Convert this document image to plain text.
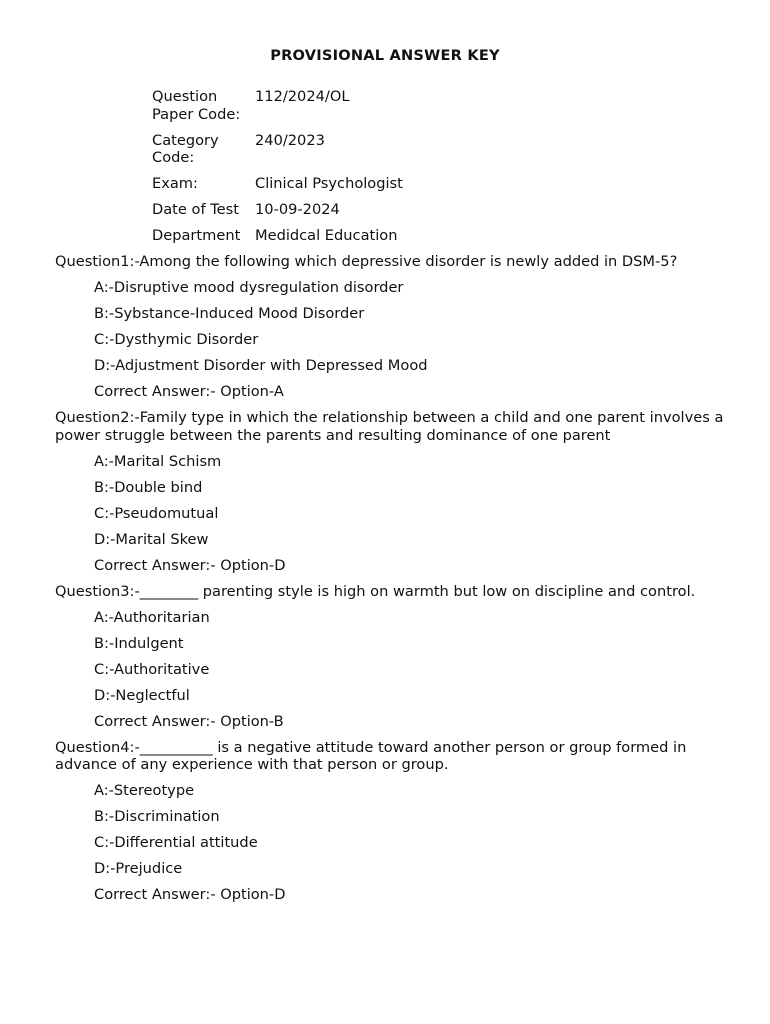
PROVISIONAL ANSWER KEY
Question Paper Code:
112/2024/OL
Category Code:
240/2023
Exam:	Clinical Psychologist
Date of Test	10-09-2024
Department	Medidcal Education
Question1:-Among the following which depressive disorder is newly added in DSM-5?
A:-Disruptive mood dysregulation disorder
B:-Sybstance-Induced Mood Disorder
C:-Dysthymic Disorder
D:-Adjustment Disorder with Depressed Mood
Correct Answer:- Option-A
Question2:-Family type in which the relationship between a child and one parent involves a power struggle between the parents and resulting dominance of one parent
A:-Marital Schism
B:-Double bind
C:-Pseudomutual
D:-Marital Skew
Correct Answer:- Option-D
Question3:-________ parenting style is high on warmth but low on discipline and control.
A:-Authoritarian
B:-Indulgent
C:-Authoritative
D:-Neglectful
Correct Answer:- Option-B
Question4:-__________ is a negative attitude toward another person or group formed in advance of any experience with that person or group.
A:-Stereotype
B:-Discrimination
C:-Differential attitude
D:-Prejudice
Correct Answer:- Option-D
